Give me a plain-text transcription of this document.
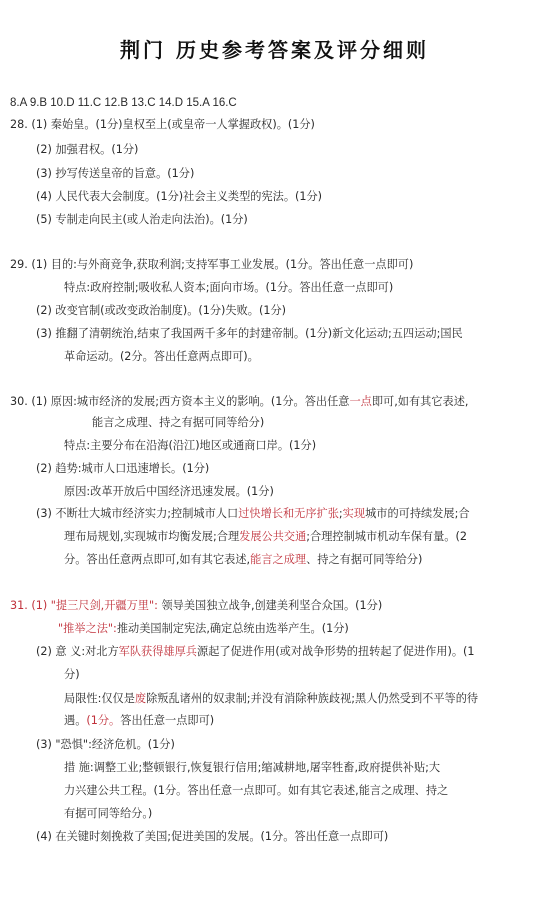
荆门 历史参考答案及评分细则
8.A 9.B 10.D 11.C 12.B 13.C 14.D 15.A 16.C
28. (1) 秦始皇。(1分)皇权至上(或皇帝一人掌握政权)。(1分)
(2) 加强君权。(1分)
(3) 抄写传送皇帝的旨意。(1分)
(4) 人民代表大会制度。(1分)社会主义类型的宪法。(1分)
(5) 专制走向民主(或人治走向法治)。(1分)
29. (1) 目的:与外商竞争,获取利润;支持军事工业发展。(1分。答出任意一点即可)
特点:政府控制;吸收私人资本;面向市场。(1分。答出任意一点即可)
(2) 改变官制(或改变政治制度)。(1分)失败。(1分)
(3) 推翻了清朝统治,结束了我国两千多年的封建帝制。(1分)新文化运动;五四运动;国民
革命运动。(2分。答出任意两点即可)。
30. (1) 原因:城市经济的发展;西方资本主义的影响。(1分。答出任意一点即可,如有其它表述,
能言之成理、持之有据可同等给分)
特点:主要分布在沿海(沿江)地区或通商口岸。(1分)
(2) 趋势:城市人口迅速增长。(1分)
原因:改革开放后中国经济迅速发展。(1分)
(3) 不断壮大城市经济实力;控制城市人口过快增长和无序扩张;实现城市的可持续发展;合
理布局规划,实现城市均衡发展;合理发展公共交通;合理控制城市机动车保有量。(2
分。答出任意两点即可,如有其它表述,能言之成理、持之有据可同等给分)
31. (1) "提三尺剑,开疆万里": 领导美国独立战争,创建美利坚合众国。(1分)
"推举之法":推动美国制定宪法,确定总统由选举产生。(1分)
(2) 意 义:对北方军队获得雄厚兵源起了促进作用(或对战争形势的扭转起了促进作用)。(1
分)
局限性:仅仅是废除叛乱诸州的奴隶制;并没有消除种族歧视;黑人仍然受到不平等的待
遇。(1分。答出任意一点即可)
(3) "恐惧":经济危机。(1分)
措 施:调整工业;整顿银行,恢复银行信用;缩减耕地,屠宰牲畜,政府提供补贴;大
力兴建公共工程。(1分。答出任意一点即可。如有其它表述,能言之成理、持之
有据可同等给分。)
(4) 在关键时刻挽救了美国;促进美国的发展。(1分。答出任意一点即可)
